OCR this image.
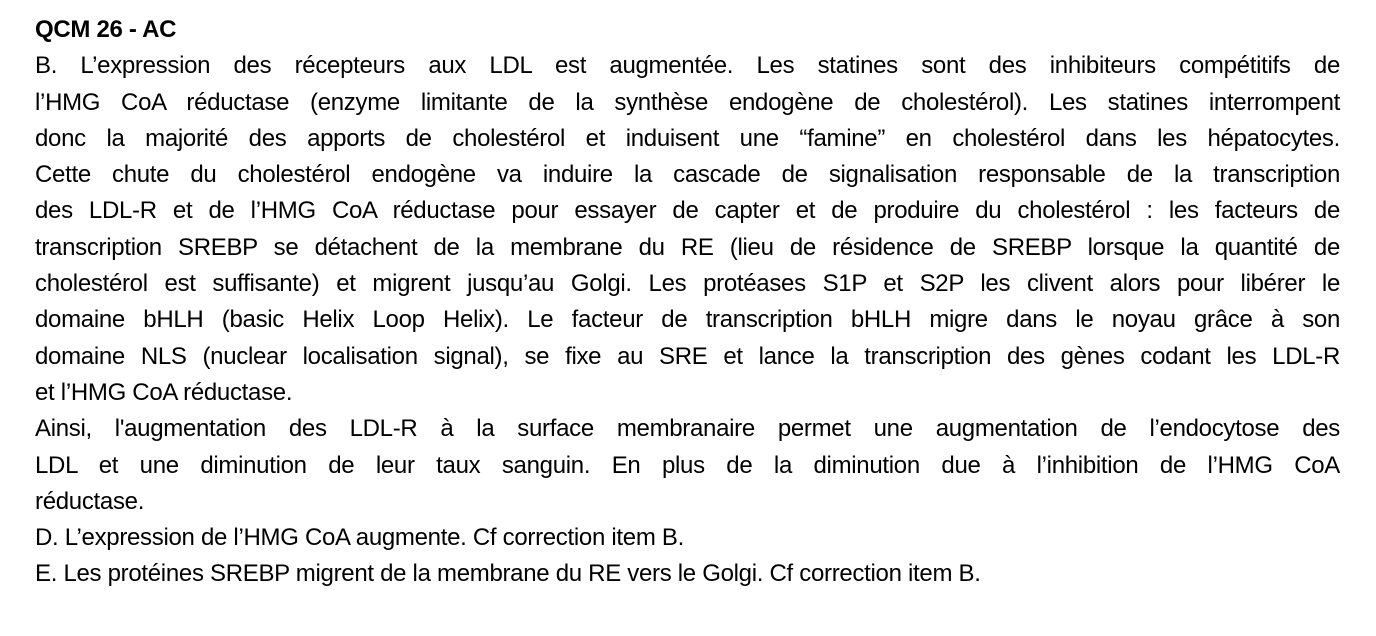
QCM 26 - AC
B. L’expression des récepteurs aux LDL est augmentée. Les statines sont des inhibiteurs compétitifs de
l’HMG CoA réductase (enzyme limitante de la synthèse endogène de cholestérol). Les statines interrompent
donc la majorité des apports de cholestérol et induisent une “famine” en cholestérol dans les hépatocytes.
Cette chute du cholestérol endogène va induire la cascade de signalisation responsable de la transcription
des LDL-R et de l’HMG CoA réductase pour essayer de capter et de produire du cholestérol : les facteurs de
transcription SREBP se détachent de la membrane du RE (lieu de résidence de SREBP lorsque la quantité de
cholestérol est suffisante) et migrent jusqu’au Golgi. Les protéases S1P et S2P les clivent alors pour libérer le
domaine bHLH (basic Helix Loop Helix). Le facteur de transcription bHLH migre dans le noyau grâce à son
domaine NLS (nuclear localisation signal), se fixe au SRE et lance la transcription des gènes codant les LDL-R
et l’HMG CoA réductase.
Ainsi, l'augmentation des LDL-R à la surface membranaire permet une augmentation de l’endocytose des
LDL et une diminution de leur taux sanguin. En plus de la diminution due à l’inhibition de l’HMG CoA
réductase.
D. L’expression de l’HMG CoA augmente. Cf correction item B.
E. Les protéines SREBP migrent de la membrane du RE vers le Golgi. Cf correction item B.
